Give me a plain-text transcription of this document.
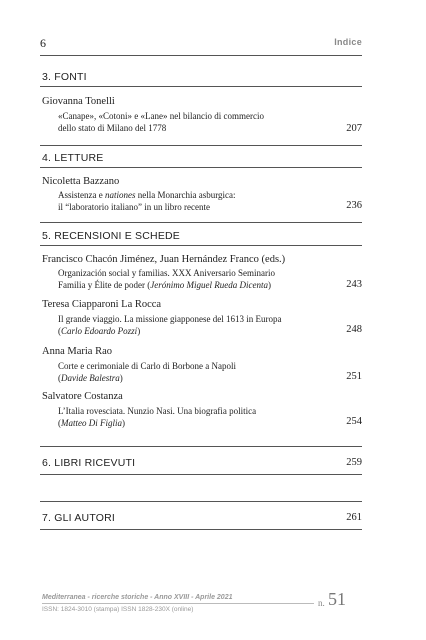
6	Indice
3. FONTI
Giovanna Tonelli
«Canape», «Cotoni» e «Lane» nel bilancio di commercio
dello stato di Milano del 1778	207
4. LETTURE
Nicoletta Bazzano
Assistenza e nationes nella Monarchia asburgica:
il “laboratorio italiano” in un libro recente	236
5. RECENSIONI E SCHEDE
Francisco Chacón Jiménez, Juan Hernández Franco (eds.)
Organización social y familias. XXX Aniversario Seminario
Familia y Élite de poder (Jerónimo Miguel Rueda Dicenta)	243
Teresa Ciapparoni La Rocca
Il grande viaggio. La missione giapponese del 1613 in Europa
(Carlo Edoardo Pozzi)	248
Anna Maria Rao
Corte e cerimoniale di Carlo di Borbone a Napoli
(Davide Balestra)	251
Salvatore Costanza
L’Italia rovesciata. Nunzio Nasi. Una biografia politica
(Matteo Di Figlia)	254
6. LIBRI RICEVUTI	259
7. GLI AUTORI	261
Mediterranea - ricerche storiche - Anno XVIII - Aprile 2021
ISSN: 1824-3010 (stampa) ISSN 1828-230X (online)
n. 51
